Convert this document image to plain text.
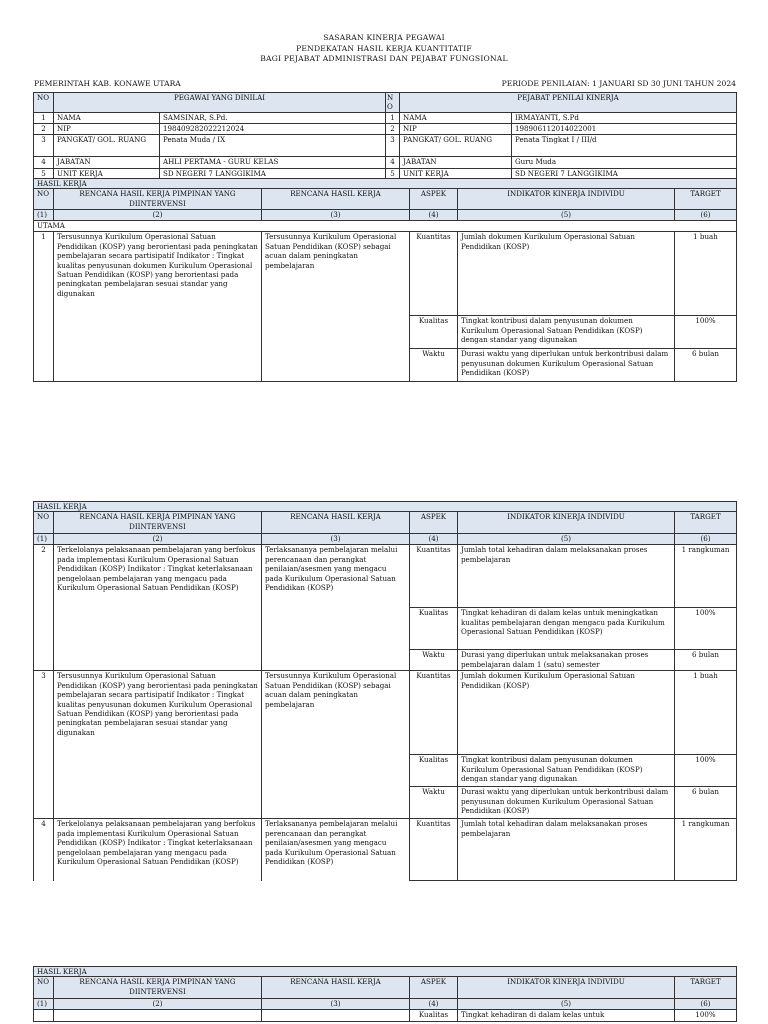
SASARAN KINERJA PEGAWAI
PENDEKATAN HASIL KERJA KUANTITATIF
BAGI PEJABAT ADMINISTRASI DAN PEJABAT FUNGSIONAL
PEMERINTAH KAB. KONAWE UTARA	PERIODE PENILAIAN: 1 JANUARI SD 30 JUNI TAHUN 2024
NO	PEGAWAI YANG DINILAI		NO	PEJABAT PENILAI KINERJA	
1	NAMA	SAMSINAR, S.Pd.	1	NAMA	IRMAYANTI, S.Pd
2	NIP	198409282022212024	2	NIP	198906112014022001
3	PANGKAT/ GOL. RUANG	Penata Muda / IX	3	PANGKAT/ GOL. RUANG	Penata Tingkat I / III/d
4	JABATAN	AHLI PERTAMA - GURU KELAS	4	JABATAN	Guru Muda
5	UNIT KERJA	SD NEGERI 7 LANGGIKIMA	5	UNIT KERJA	SD NEGERI 7 LANGGIKIMA
HASIL KERJA					
NO	RENCANA HASIL KERJA PIMPINAN YANG DIINTERVENSI	RENCANA HASIL KERJA	ASPEK	INDIKATOR KINERJA INDIVIDU	TARGET
(1)	(2)	(3)	(4)	(5)	(6)
UTAMA					
1	Tersusunnya Kurikulum Operasional Satuan Pendidikan (KOSP) yang berorientasi pada peningkatan pembelajaran secara partisipatif Indikator : Tingkat kualitas penyusunan dokumen Kurikulum Operasional Satuan Pendidikan (KOSP) yang berorientasi pada peningkatan pembelajaran sesuai standar yang digunakan	Tersusunnya Kurikulum Operasional Satuan Pendidikan (KOSP) sebagai acuan dalam peningkatan pembelajaran	Kuantitas	Jumlah dokumen Kurikulum Operasional Satuan Pendidikan (KOSP)	1 buah
			Kualitas	Tingkat kontribusi dalam penyusunan dokumen Kurikulum Operasional Satuan Pendidikan (KOSP) dengan standar yang digunakan	100%
			Waktu	Durasi waktu yang diperlukan untuk berkontribusi dalam penyusunan dokumen Kurikulum Operasional Satuan Pendidikan (KOSP)	6 bulan
HASIL KERJA					
NO	RENCANA HASIL KERJA PIMPINAN YANG DIINTERVENSI	RENCANA HASIL KERJA	ASPEK	INDIKATOR KINERJA INDIVIDU	TARGET
(1)	(2)	(3)	(4)	(5)	(6)
2	Terkelolanya pelaksanaan pembelajaran yang berfokus pada implementasi Kurikulum Operasional Satuan Pendidikan (KOSP) Indikator : Tingkat keterlaksanaan pengelolaan pembelajaran yang mengacu pada Kurikulum Operasional Satuan Pendidikan (KOSP)	Terlaksananya pembelajaran melalui perencanaan dan perangkat penilaian/asesmen yang mengacu pada Kurikulum Operasional Satuan Pendidikan (KOSP)	Kuantitas	Jumlah total kehadiran dalam melaksanakan proses pembelajaran	1 rangkuman
			Kualitas	Tingkat kehadiran di dalam kelas untuk meningkatkan kualitas pembelajaran dengan mengacu pada Kurikulum Operasional Satuan Pendidikan (KOSP)	100%
			Waktu	Durasi yang diperlukan untuk melaksanakan proses pembelajaran dalam 1 (satu) semester	6 bulan
3	Tersusunnya Kurikulum Operasional Satuan Pendidikan (KOSP) yang berorientasi pada peningkatan pembelajaran secara partisipatif Indikator : Tingkat kualitas penyusunan dokumen Kurikulum Operasional Satuan Pendidikan (KOSP) yang berorientasi pada peningkatan pembelajaran sesuai standar yang digunakan	Tersusunnya Kurikulum Operasional Satuan Pendidikan (KOSP) sebagai acuan dalam peningkatan pembelajaran	Kuantitas	Jumlah dokumen Kurikulum Operasional Satuan Pendidikan (KOSP)	1 buah
			Kualitas	Tingkat kontribusi dalam penyusunan dokumen Kurikulum Operasional Satuan Pendidikan (KOSP) dengan standar yang digunakan	100%
			Waktu	Durasi waktu yang diperlukan untuk berkontribusi dalam penyusunan dokumen Kurikulum Operasional Satuan Pendidikan (KOSP)	6 bulan
4	Terkelolanya pelaksanaan pembelajaran yang berfokus pada implementasi Kurikulum Operasional Satuan Pendidikan (KOSP) Indikator : Tingkat keterlaksanaan pengelolaan pembelajaran yang mengacu pada Kurikulum Operasional Satuan Pendidikan (KOSP)	Terlaksananya pembelajaran melalui perencanaan dan perangkat penilaian/asesmen yang mengacu pada Kurikulum Operasional Satuan Pendidikan (KOSP)	Kuantitas	Jumlah total kehadiran dalam melaksanakan proses pembelajaran	1 rangkuman
HASIL KERJA					
NO	RENCANA HASIL KERJA PIMPINAN YANG DIINTERVENSI	RENCANA HASIL KERJA	ASPEK	INDIKATOR KINERJA INDIVIDU	TARGET
(1)	(2)	(3)	(4)	(5)	(6)
			Kualitas	Tingkat kehadiran di dalam kelas untuk	100%
